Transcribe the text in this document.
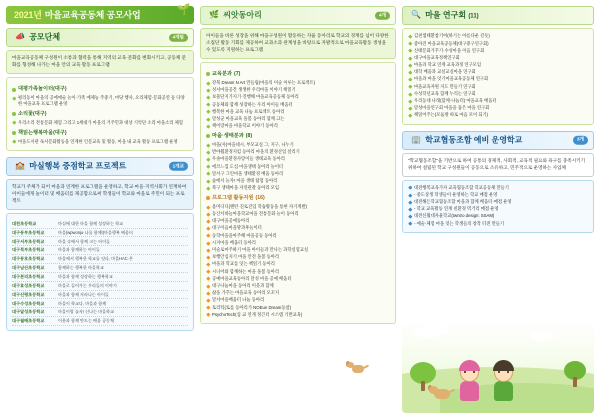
2021년 마을교육공동체 공모사업	🌱
📣 공모단체	4개팀
마을교육공동체 구성원이 소통과 협력을 통해 지역의 교육·문화를 변화시키고, 공동체 문화를 형성해 나가는 마을 안의 교육 활동 프로그램
대평가족놀이터(대구)
평리동이 마을의 공예예술 놀이·가족 예체능 주중기, 마당 행사, 요리체험·문화공연 등 다양한 마을교육 프로그램 운영
소리꽃(대구)
우리소리 전통문화 체험 그리고 1세대가 마을의 거주민과 대상 기악단 소리 마을소리 체험
책읽는행복마을(대구)
마을도서관 독서문화활동을 연계한 인문교육 및 활동, 마을 내 교육 활동 프로그램 운영
🏫 마실행복 중점학교 프로젝트	1개교
학교가 주체가 되어 마을과 연계한 프로그램을 운영하고, 학교·마을·지역사회가 연계하여 아이들에게 놀이터 및 배움터를 제공함으로써 학생들이 학교와 마을로 주민이 되는 프로젝트
대천초등학교	마실에 대한 마을 함께 성장하는 학교
대구동부초등학교	마을(wpwonju·나를 함께!)마을행복 배움터
대구서부초등학교	마을 속에서 함께 크는 아이들
대구북부초등학교	마을과 함께하는 아이들
대구동호초등학교	마을에서 행복한 학교를 잇다, 마을HAC·온
대구남산초등학교	함께하는 행복한 마을학교
대구본리초등학교	마을과 함께 성장하는 행복학교
대구효성초등학교	마을로 들어가는 우리들의 이야기
대구신평초등학교	마을과 함께 자라나는 아이들
대구수성초등학교	마을이 학교다, 마을과 함께
대구달성초등학교	마을이랑 놀자! 신나는 마을학교
대구월배초등학교	이웃과 함께 만드는 배움 공동체
🌿 씨앗동아리	4개
아이들을 바른 성장을 위해 마을구성원이 활동하는 자율 동아리로 학교의 경계를 넘어 다양한 소집단 활동 기회를 제공하여 교과소과 관계성을 바탕으로 자발적으로 마을교육활동 생성을 수 있도록 지원하는 프로그램
교육분과 (7)
강북 Dream N Art 만들림(마을의 미술 이루는 프로젝트)
성서마을공간 생생한 우리마을 이야기 책읽기
보물단지가지기·진행해 마을교육공동체 동아리
공동체와 함께 성장하는 우리 아이들 배움터
행복한 마을 교육 나눔 프로젝트 동아리
달성군 마을교육 돌봄 동아리 함께 크는
책이랑마을 마을학교 이야기 동아리
마을·생태분과 (8)
마을(사)마을네시, 부모교실 그, 지구, 나누기
반야월환경지킴 동아리 마을의 환경산업 살리기
우솔마을환경사랑이들 생태교육 동아리
에코느낌 도심 마을생태 동아리 놀이터
달서구 그린마을 생태환경 배움 동아리
숲에서 놀자! 마을 생태 탐험 동아리
북구 생태마을 자연관찰 동아리 모임
프로그램 활동자원 (16)
옴머디디(랜턴·진로진입 학습활동을 통한 자기계발)
동산서바늘마을학교마을 전통문화 놀이 동아리
대구마을공예동아리
대구이음마을방과후놀이터
동학마을을마주해 마을공동 동아리
시지마을 배움터 동아리
미술로마주하기 마을 아이들과 만나는 과학실험교실
보행안심지기 마을 안전 돌봄 동아리
마을과 학교를 잇는 책읽기 동아리
시니어와 함께하는 마을 돌봄 동아리
공예마을교육동아리 달성 마을 공예 배움터
대구나눔마을 동아리 이웃과 함께
삶을 가꾸는 마을교육 동아리 모꼬지
달서마을배움터 나눔 동아리
토리틱(토를 동아리가 NOEun Dream동참)
PsychoTech(심·교 연계 정큰터 시스템 기반교육)
🔍 마을 연구회 (11)
김천샘태환참기여(하기는 아름다운 길듯)
좋아진 마을교육공동체(대구중구연구회)
신태문화가꾸기·수성마을 이음 연구회
대구마을교육정책연구회
마을과 학교 연계 교육과정 연구모임
대학 배움과 교실교실마을 연구회
마을과 마을 잇기마을교육공동체 연구회
마을교육자원 지도 만들기 연구회
수성학년교육 함께 누리는 연구회
우리동네 나래(함께·나눔터) 마을교육 배움터
달성마을연구회 마을을 품은 마을 연구회
책읽어주는(모둠방 따로 마음 모이 되기)
🏢 학교협동조합 예비 운영학교	3개
"학교협동조합"을 기반으로 하여 공통의 경제적, 사회적, 교육적 필요와 욕구를 충족시키기 위하여 설립된 학교 구성원들이 공동으로 소유하고, 민주적으로 운영하는 사업체
대전행복교육가자 교육협동조합 학교공동체 만들기
- 중도상생 학생들이 운영하는 학교 매점 운영
대전해든학교협동조합 마을과 함께 배움터·매점 운영
- 학교 교육활동 연계 친환경 먹거리 매점 운영
대전신월대자율학교(twntro design: SSAM)
- 예술·체험 마을 잇는 학생들의 창작 터전 만들기
